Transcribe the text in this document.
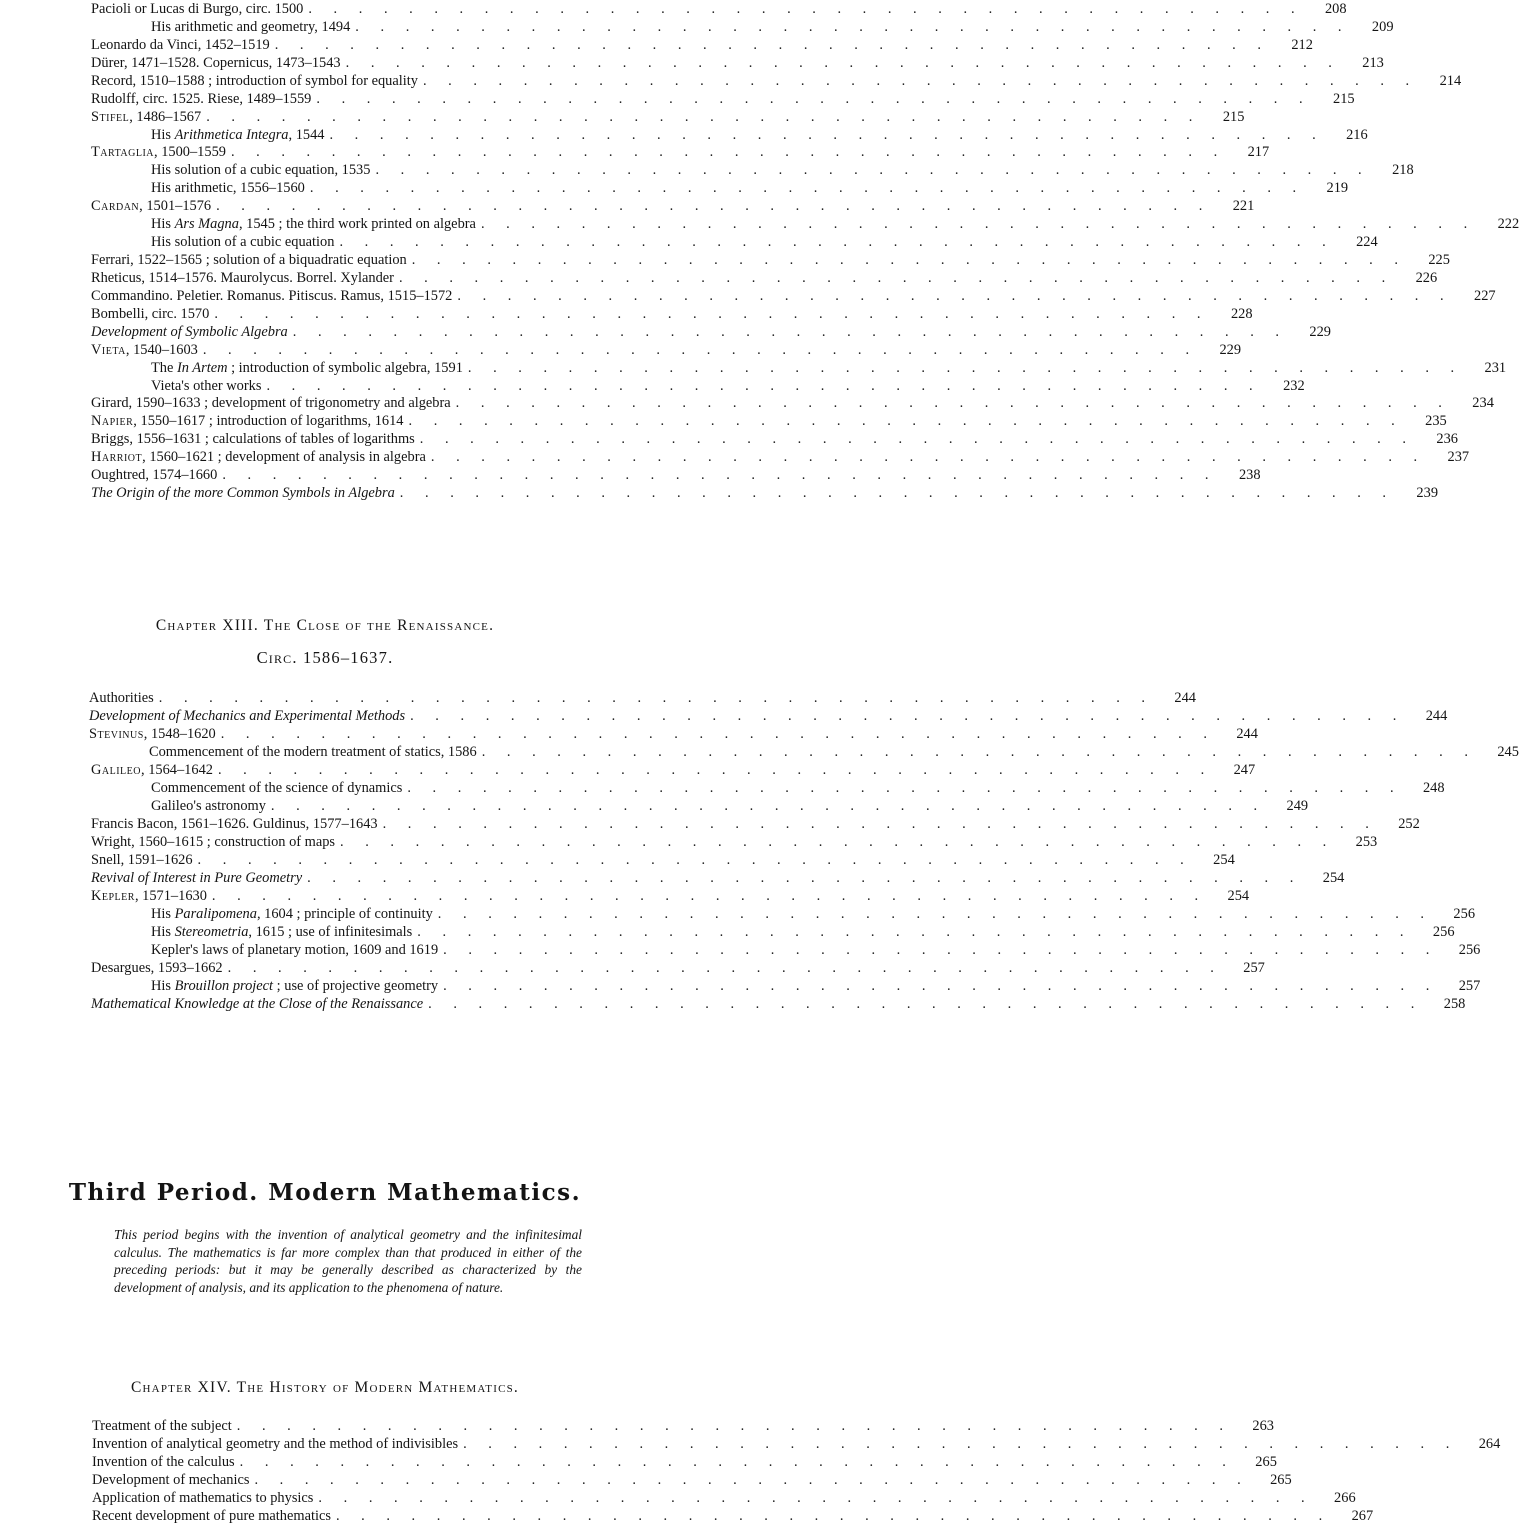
Pacioli or Lucas di Burgo, circ. 1500 . . . . . . . . . . . . . . . . . . . . . . . . . . . . . . . . . . . . . . . .	208
His arithmetic and geometry, 1494 . . . . . . . . . . . . . . . . . . . . . . . . . . . . . . . . . . . . . . . .	209
Leonardo da Vinci, 1452–1519 . . . . . . . . . . . . . . . . . . . . . . . . . . . . . . . . . . . . . . . .	212
Dürer, 1471–1528. Copernicus, 1473–1543 . . . . . . . . . . . . . . . . . . . . . . . . . . . . . . . . . . . . . . . .	213
Record, 1510–1588 ; introduction of symbol for equality . . . . . . . . . . . . . . . . . . . . . . . . . . . . . . . . . . . . . . . .	214
Rudolff, circ. 1525. Riese, 1489–1559 . . . . . . . . . . . . . . . . . . . . . . . . . . . . . . . . . . . . . . . .	215
Stifel, 1486–1567 . . . . . . . . . . . . . . . . . . . . . . . . . . . . . . . . . . . . . . . .	215
His Arithmetica Integra, 1544 . . . . . . . . . . . . . . . . . . . . . . . . . . . . . . . . . . . . . . . .	216
Tartaglia, 1500–1559 . . . . . . . . . . . . . . . . . . . . . . . . . . . . . . . . . . . . . . . .	217
His solution of a cubic equation, 1535 . . . . . . . . . . . . . . . . . . . . . . . . . . . . . . . . . . . . . . . .	218
His arithmetic, 1556–1560 . . . . . . . . . . . . . . . . . . . . . . . . . . . . . . . . . . . . . . . .	219
Cardan, 1501–1576 . . . . . . . . . . . . . . . . . . . . . . . . . . . . . . . . . . . . . . . .	221
His Ars Magna, 1545 ; the third work printed on algebra . . . . . . . . . . . . . . . . . . . . . . . . . . . . . . . . . . . . . . . .	222
His solution of a cubic equation . . . . . . . . . . . . . . . . . . . . . . . . . . . . . . . . . . . . . . . .	224
Ferrari, 1522–1565 ; solution of a biquadratic equation . . . . . . . . . . . . . . . . . . . . . . . . . . . . . . . . . . . . . . . .	225
Rheticus, 1514–1576. Maurolycus. Borrel. Xylander . . . . . . . . . . . . . . . . . . . . . . . . . . . . . . . . . . . . . . . .	226
Commandino. Peletier. Romanus. Pitiscus. Ramus, 1515–1572 . . . . . . . . . . . . . . . . . . . . . . . . . . . . . . . . . . . . . . . .	227
Bombelli, circ. 1570 . . . . . . . . . . . . . . . . . . . . . . . . . . . . . . . . . . . . . . . .	228
Development of Symbolic Algebra . . . . . . . . . . . . . . . . . . . . . . . . . . . . . . . . . . . . . . . .	229
Vieta, 1540–1603 . . . . . . . . . . . . . . . . . . . . . . . . . . . . . . . . . . . . . . . .	229
The In Artem ; introduction of symbolic algebra, 1591 . . . . . . . . . . . . . . . . . . . . . . . . . . . . . . . . . . . . . . . .	231
Vieta's other works . . . . . . . . . . . . . . . . . . . . . . . . . . . . . . . . . . . . . . . .	232
Girard, 1590–1633 ; development of trigonometry and algebra . . . . . . . . . . . . . . . . . . . . . . . . . . . . . . . . . . . . . . . .	234
Napier, 1550–1617 ; introduction of logarithms, 1614 . . . . . . . . . . . . . . . . . . . . . . . . . . . . . . . . . . . . . . . .	235
Briggs, 1556–1631 ; calculations of tables of logarithms . . . . . . . . . . . . . . . . . . . . . . . . . . . . . . . . . . . . . . . .	236
Harriot, 1560–1621 ; development of analysis in algebra . . . . . . . . . . . . . . . . . . . . . . . . . . . . . . . . . . . . . . . .	237
Oughtred, 1574–1660 . . . . . . . . . . . . . . . . . . . . . . . . . . . . . . . . . . . . . . . .	238
The Origin of the more Common Symbols in Algebra . . . . . . . . . . . . . . . . . . . . . . . . . . . . . . . . . . . . . . . .	239
Chapter XIII. The Close of the Renaissance.
Circ. 1586–1637.
Authorities . . . . . . . . . . . . . . . . . . . . . . . . . . . . . . . . . . . . . . . .	244
Development of Mechanics and Experimental Methods . . . . . . . . . . . . . . . . . . . . . . . . . . . . . . . . . . . . . . . .	244
Stevinus, 1548–1620 . . . . . . . . . . . . . . . . . . . . . . . . . . . . . . . . . . . . . . . .	244
Commencement of the modern treatment of statics, 1586 . . . . . . . . . . . . . . . . . . . . . . . . . . . . . . . . . . . . . . . .	245
Galileo, 1564–1642 . . . . . . . . . . . . . . . . . . . . . . . . . . . . . . . . . . . . . . . .	247
Commencement of the science of dynamics . . . . . . . . . . . . . . . . . . . . . . . . . . . . . . . . . . . . . . . .	248
Galileo's astronomy . . . . . . . . . . . . . . . . . . . . . . . . . . . . . . . . . . . . . . . .	249
Francis Bacon, 1561–1626. Guldinus, 1577–1643 . . . . . . . . . . . . . . . . . . . . . . . . . . . . . . . . . . . . . . . .	252
Wright, 1560–1615 ; construction of maps . . . . . . . . . . . . . . . . . . . . . . . . . . . . . . . . . . . . . . . .	253
Snell, 1591–1626 . . . . . . . . . . . . . . . . . . . . . . . . . . . . . . . . . . . . . . . .	254
Revival of Interest in Pure Geometry . . . . . . . . . . . . . . . . . . . . . . . . . . . . . . . . . . . . . . . .	254
Kepler, 1571–1630 . . . . . . . . . . . . . . . . . . . . . . . . . . . . . . . . . . . . . . . .	254
His Paralipomena, 1604 ; principle of continuity . . . . . . . . . . . . . . . . . . . . . . . . . . . . . . . . . . . . . . . .	256
His Stereometria, 1615 ; use of infinitesimals . . . . . . . . . . . . . . . . . . . . . . . . . . . . . . . . . . . . . . . .	256
Kepler's laws of planetary motion, 1609 and 1619 . . . . . . . . . . . . . . . . . . . . . . . . . . . . . . . . . . . . . . . .	256
Desargues, 1593–1662 . . . . . . . . . . . . . . . . . . . . . . . . . . . . . . . . . . . . . . . .	257
His Brouillon project ; use of projective geometry . . . . . . . . . . . . . . . . . . . . . . . . . . . . . . . . . . . . . . . .	257
Mathematical Knowledge at the Close of the Renaissance . . . . . . . . . . . . . . . . . . . . . . . . . . . . . . . . . . . . . . . .	258
Third Period. Modern Mathematics.
This period begins with the invention of analytical geometry and the infinitesimal calculus. The mathematics is far more complex than that produced in either of the preceding periods: but it may be generally described as characterized by the development of analysis, and its application to the phenomena of nature.
Chapter XIV. The History of Modern Mathematics.
Treatment of the subject . . . . . . . . . . . . . . . . . . . . . . . . . . . . . . . . . . . . . . . .	263
Invention of analytical geometry and the method of indivisibles . . . . . . . . . . . . . . . . . . . . . . . . . . . . . . . . . . . . . . . .	264
Invention of the calculus . . . . . . . . . . . . . . . . . . . . . . . . . . . . . . . . . . . . . . . .	265
Development of mechanics . . . . . . . . . . . . . . . . . . . . . . . . . . . . . . . . . . . . . . . .	265
Application of mathematics to physics . . . . . . . . . . . . . . . . . . . . . . . . . . . . . . . . . . . . . . . .	266
Recent development of pure mathematics . . . . . . . . . . . . . . . . . . . . . . . . . . . . . . . . . . . . . . . .	267
